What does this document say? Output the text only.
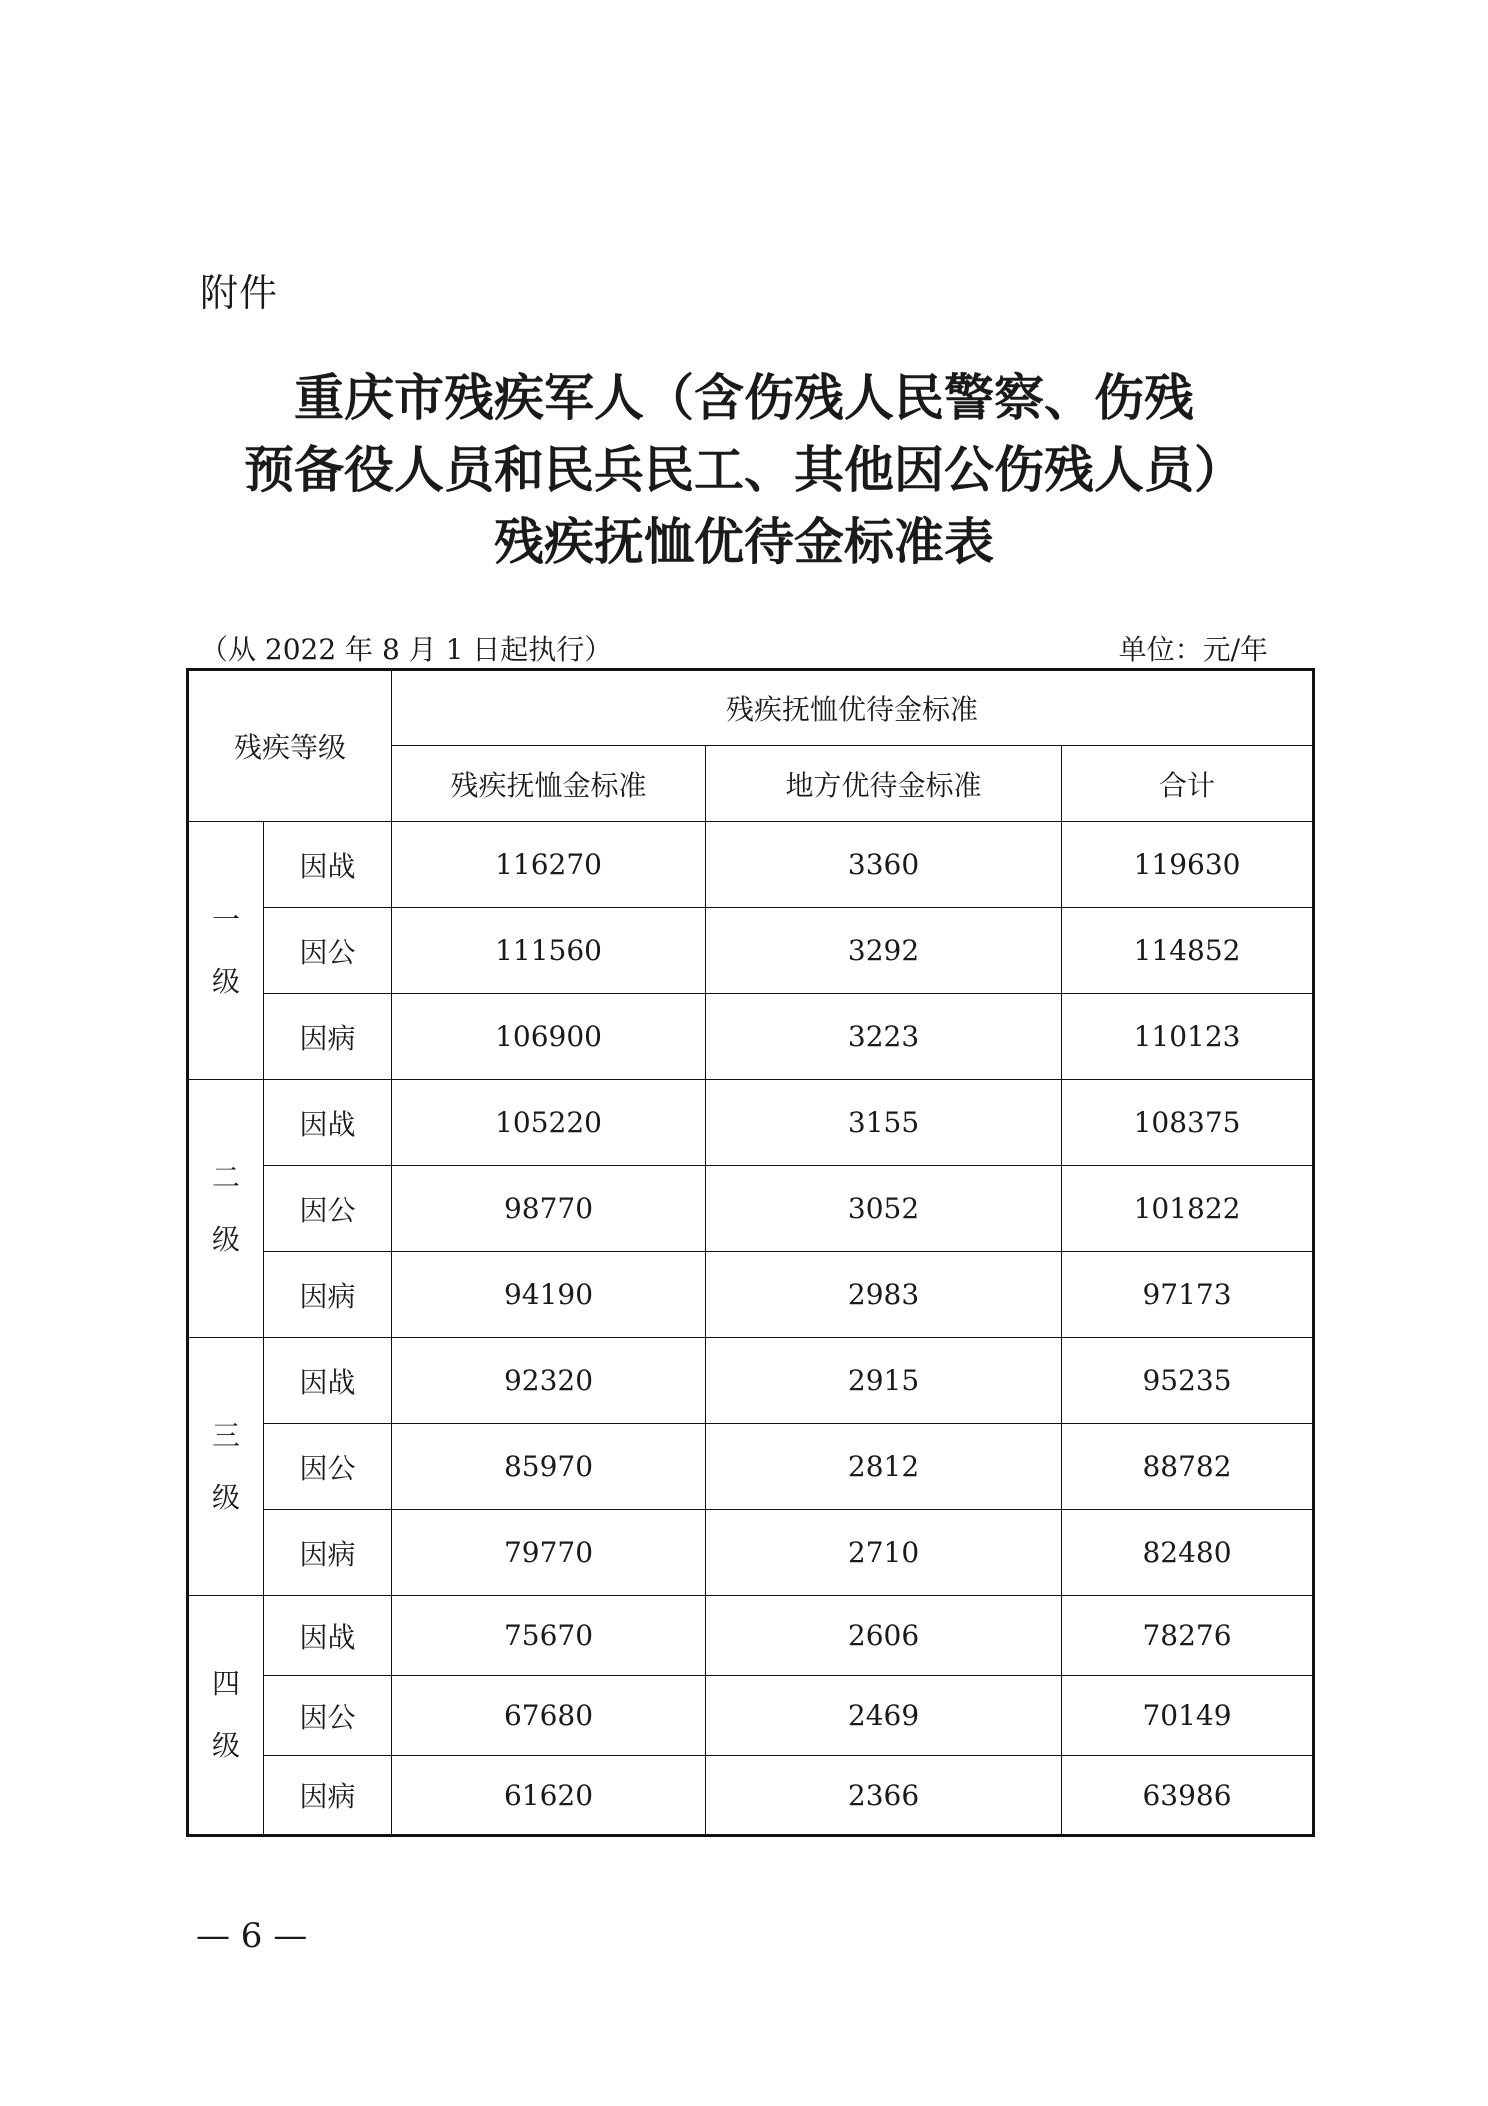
附件
重庆市残疾军人（含伤残人民警察、伤残
预备役人员和民兵民工、其他因公伤残人员）
残疾抚恤优待金标准表
（从 2022 年 8 月 1 日起执行）	单位：元/年
残疾等级		残疾抚恤优待金标准		
		残疾抚恤金标准	地方优待金标准	合计

一
级	因战	116270	3360	119630
	因公	111560	3292	114852
	因病	106900	3223	110123

二
级	因战	105220	3155	108375
	因公	98770	3052	101822
	因病	94190	2983	97173

三
级	因战	92320	2915	95235
	因公	85970	2812	88782
	因病	79770	2710	82480

四
级	因战	75670	2606	78276
	因公	67680	2469	70149
	因病	61620	2366	63986
— 6 —
